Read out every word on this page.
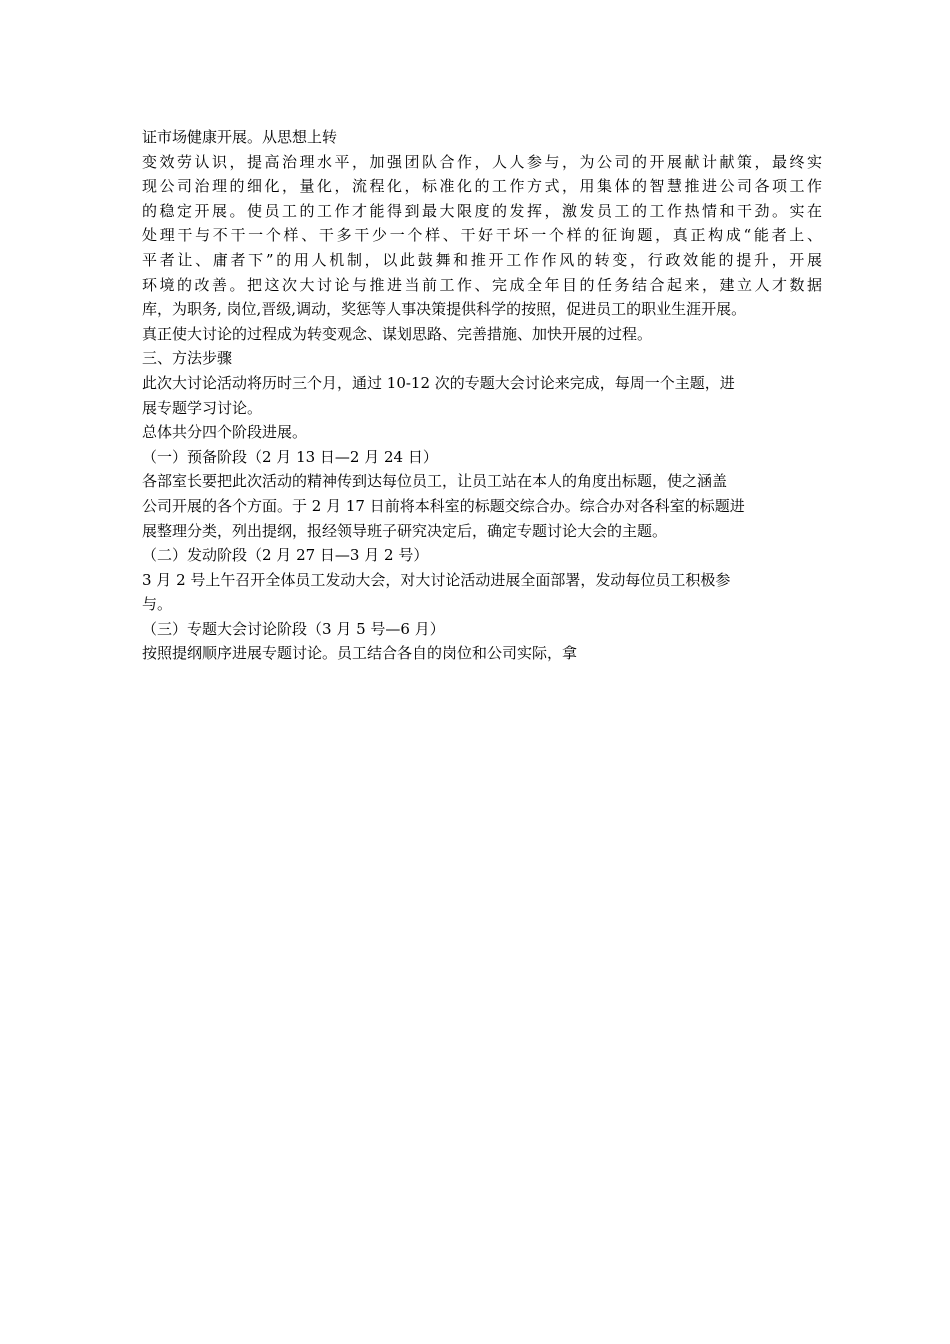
证市场健康开展。从思想上转
变效劳认识，提高治理水平，加强团队合作，人人参与，为公司的开展献计献策，最终实
现公司治理的细化，量化，流程化，标准化的工作方式，用集体的智慧推进公司各项工作
的稳定开展。使员工的工作才能得到最大限度的发挥，激发员工的工作热情和干劲。实在
处理干与不干一个样、干多干少一个样、干好干坏一个样的征询题，真正构成“能者上、
平者让、庸者下”的用人机制，以此鼓舞和推开工作作风的转变，行政效能的提升，开展
环境的改善。把这次大讨论与推进当前工作、完成全年目的任务结合起来，建立人才数据
库，为职务, 岗位,晋级,调动，奖惩等人事决策提供科学的按照，促进员工的职业生涯开展。
真正使大讨论的过程成为转变观念、谋划思路、完善措施、加快开展的过程。
三、方法步骤
此次大讨论活动将历时三个月，通过 10-12 次的专题大会讨论来完成，每周一个主题，进
展专题学习讨论。
总体共分四个阶段进展。
（一）预备阶段（2 月 13 日—2 月 24 日）
各部室长要把此次活动的精神传到达每位员工，让员工站在本人的角度出标题，使之涵盖
公司开展的各个方面。于 2 月 17 日前将本科室的标题交综合办。综合办对各科室的标题进
展整理分类，列出提纲，报经领导班子研究决定后，确定专题讨论大会的主题。
（二）发动阶段（2 月 27 日—3 月 2 号）
3 月 2 号上午召开全体员工发动大会，对大讨论活动进展全面部署，发动每位员工积极参
与。
（三）专题大会讨论阶段（3 月 5 号—6 月）
按照提纲顺序进展专题讨论。员工结合各自的岗位和公司实际，拿
